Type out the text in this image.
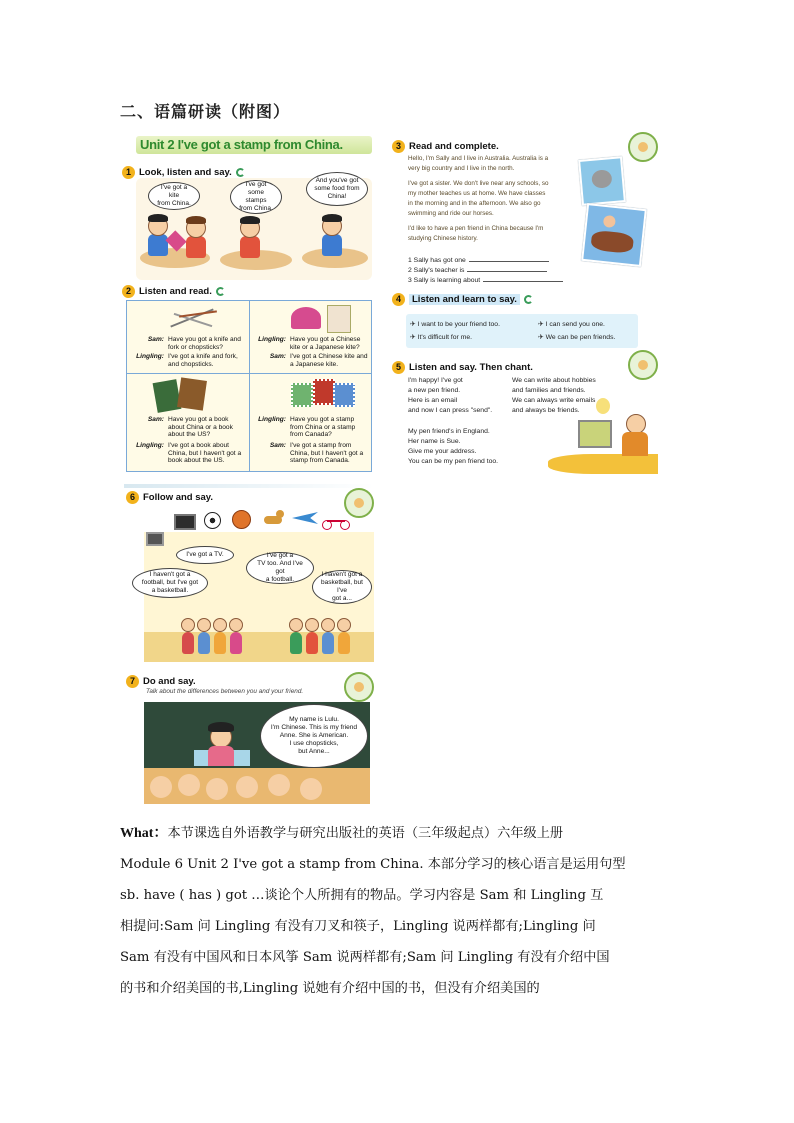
二、语篇研读（附图）
Unit 2 I've got a stamp from China.
1 Look, listen and say.
I've got a kite
from China.
I've got
some stamps
from China.
And you've got
some food from
China!
2 Listen and read.
Sam: Have you got a knife and fork or chopsticks?
Lingling: I've got a knife and fork, and chopsticks.
Lingling: Have you got a Chinese kite or a Japanese kite?
Sam: I've got a Chinese kite and a Japanese kite.
Sam: Have you got a book about China or a book about the US?
Lingling: I've got a book about China, but I haven't got a book about the US.
Lingling: Have you got a stamp from China or a stamp from Canada?
Sam: I've got a stamp from China, but I haven't got a stamp from Canada.
3 Read and complete.
Hello, I'm Sally and I live in Australia. Australia is a
very big country and I live in the north.
I've got a sister. We don't live near any schools, so
my mother teaches us at home. We have classes
in the morning and in the afternoon. We also go
swimming and ride our horses.
I'd like to have a pen friend in China because I'm
studying Chinese history.
1 Sally has got one
2 Sally's teacher is
3 Sally is learning about
4 Listen and learn to say.
✈ I want to be your friend too.
✈ It's difficult for me.
✈ I can send you one.
✈ We can be pen friends.
5 Listen and say. Then chant.
I'm happy! I've got
a new pen friend.
Here is an email
and now I can press "send".
My pen friend's in England.
Her name is Sue.
Give me your address.
You can be my pen friend too.
We can write about hobbies
and families and friends.
We can always write emails
and always be friends.
6 Follow and say.
I've got a TV.
I haven't got a
football, but I've got
a basketball.
I've got a
TV too. And I've got
a football.
I haven't got a
basketball, but I've
got a...
7 Do and say.
Talk about the differences between you and your friend.
My name is Lulu.
I'm Chinese. This is my friend
Anne. She is American.
I use chopsticks,
but Anne...
What：本节课选自外语教学与研究出版社的英语（三年级起点）六年级上册
Module 6 Unit 2 I've got a stamp from China. 本部分学习的核心语言是运用句型
sb. have ( has ) got …谈论个人所拥有的物品。学习内容是 Sam 和 Lingling 互
相提问:Sam 问 Lingling 有没有刀叉和筷子，Lingling 说两样都有;Lingling 问
Sam 有没有中国风和日本风筝 Sam 说两样都有;Sam 问 Lingling 有没有介绍中国
的书和介绍美国的书,Lingling 说她有介绍中国的书，但没有介绍美国的
